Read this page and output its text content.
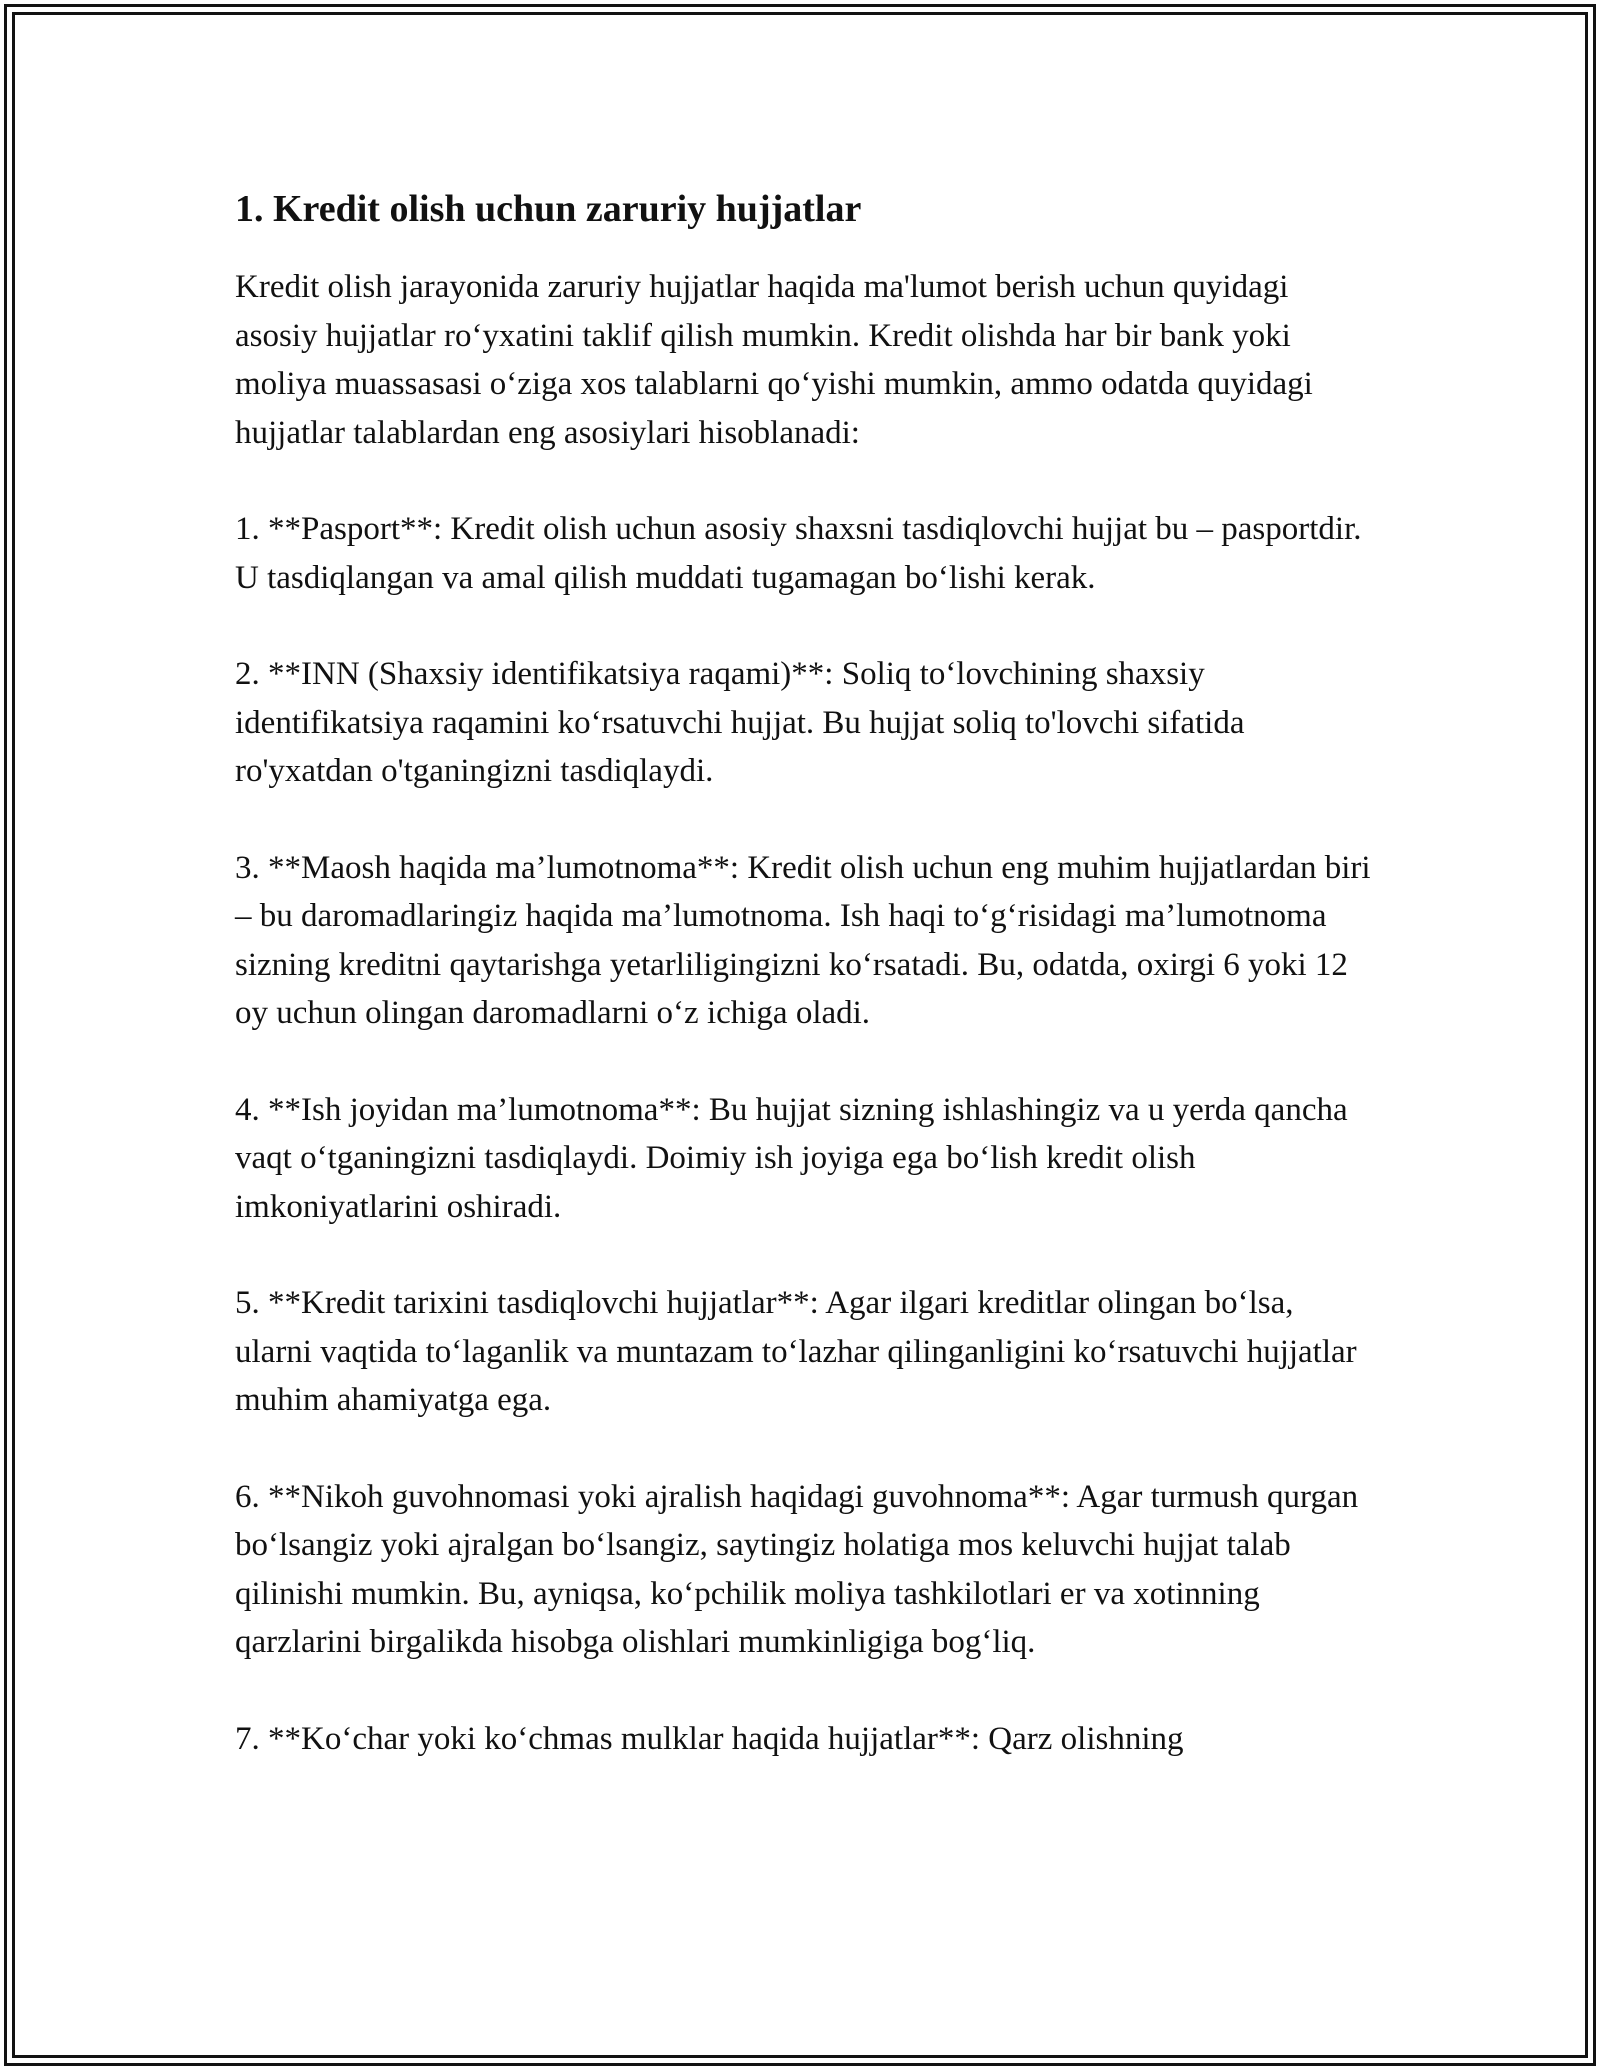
1. Kredit olish uchun zaruriy hujjatlar

Kredit olish jarayonida zaruriy hujjatlar haqida ma'lumot berish uchun quyidagi asosiy hujjatlar ro‘yxatini taklif qilish mumkin. Kredit olishda har bir bank yoki moliya muassasasi o‘ziga xos talablarni qo‘yishi mumkin, ammo odatda quyidagi hujjatlar talablardan eng asosiylari hisoblanadi:

1. **Pasport**: Kredit olish uchun asosiy shaxsni tasdiqlovchi hujjat bu – pasportdir. U tasdiqlangan va amal qilish muddati tugamagan bo‘lishi kerak.

2. **INN (Shaxsiy identifikatsiya raqami)**: Soliq to‘lovchining shaxsiy identifikatsiya raqamini ko‘rsatuvchi hujjat. Bu hujjat soliq to'lovchi sifatida ro'yxatdan o'tganingizni tasdiqlaydi.

3. **Maosh haqida ma’lumotnoma**: Kredit olish uchun eng muhim hujjatlardan biri – bu daromadlaringiz haqida ma’lumotnoma. Ish haqi to‘g‘risidagi ma’lumotnoma sizning kreditni qaytarishga yetarliligingizni ko‘rsatadi. Bu, odatda, oxirgi 6 yoki 12 oy uchun olingan daromadlarni o‘z ichiga oladi.

4. **Ish joyidan ma’lumotnoma**: Bu hujjat sizning ishlashingiz va u yerda qancha vaqt o‘tganingizni tasdiqlaydi. Doimiy ish joyiga ega bo‘lish kredit olish imkoniyatlarini oshiradi.

5. **Kredit tarixini tasdiqlovchi hujjatlar**: Agar ilgari kreditlar olingan bo‘lsa, ularni vaqtida to‘laganlik va muntazam to‘lazhar qilinganligini ko‘rsatuvchi hujjatlar muhim ahamiyatga ega.

6. **Nikoh guvohnomasi yoki ajralish haqidagi guvohnoma**: Agar turmush qurgan bo‘lsangiz yoki ajralgan bo‘lsangiz, saytingiz holatiga mos keluvchi hujjat talab qilinishi mumkin. Bu, ayniqsa, ko‘pchilik moliya tashkilotlari er va xotinning qarzlarini birgalikda hisobga olishlari mumkinligiga bog‘liq.

7. **Ko‘char yoki ko‘chmas mulklar haqida hujjatlar**: Qarz olishning
